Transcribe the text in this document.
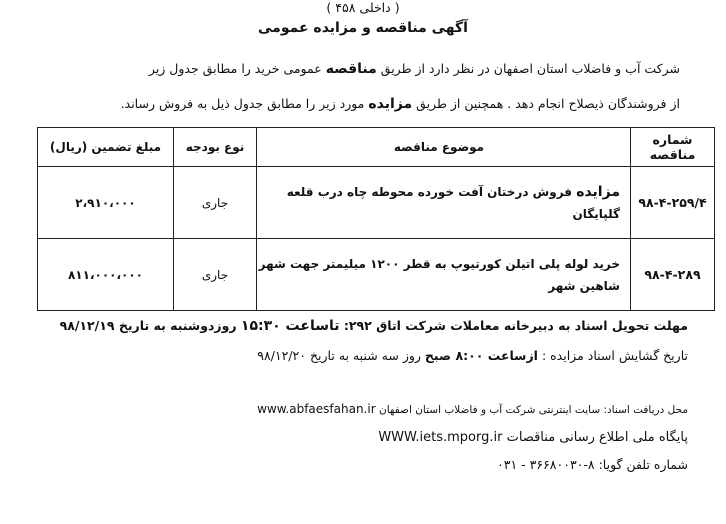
آگهی مناقصه و مزایده عمومی
شرکت آب و فاضلاب استان اصفهان در نظر دارد از طریق مناقصه عمومی خرید را مطابق جدول زیر
از فروشندگان ذیصلاح انجام دهد . همچنین از طریق مزایده مورد زیر را مطابق جدول ذیل به فروش رساند.
شماره مناقصه	موضوع مناقصه	نوع بودجه	مبلغ تضمین (ریال)
۹۸-۴-۲۵۹/۴	مزایده فروش درختان آفت خورده محوطه چاه درب قلعه گلپایگان	جاری	۲،۹۱۰،۰۰۰
۹۸-۴-۲۸۹	خرید لوله پلی اتیلن کورتیوپ به قطر ۱۲۰۰ میلیمتر جهت شهر شاهین شهر	جاری	۸۱۱،۰۰۰،۰۰۰
مهلت تحویل اسناد به دبیرخانه معاملات شرکت اتاق ۲۹۲: تاساعت ۱۵:۳۰ روزدوشنبه به تاریخ ۹۸/۱۲/۱۹
تاریخ گشایش اسناد مزایده : ازساعت ۸:۰۰ صبح روز سه شنبه به تاریخ ۹۸/۱۲/۲۰
محل دریافت اسناد: سایت اینترنتی شرکت آب و فاضلاب استان اصفهان www.abfaesfahan.ir
پایگاه ملی اطلاع رسانی مناقصات WWW.iets.mporg.ir
شماره تلفن گویا: ۸-۳۶۶۸۰۰۳۰ - ۰۳۱
( داخلی ۴۵۸ )
